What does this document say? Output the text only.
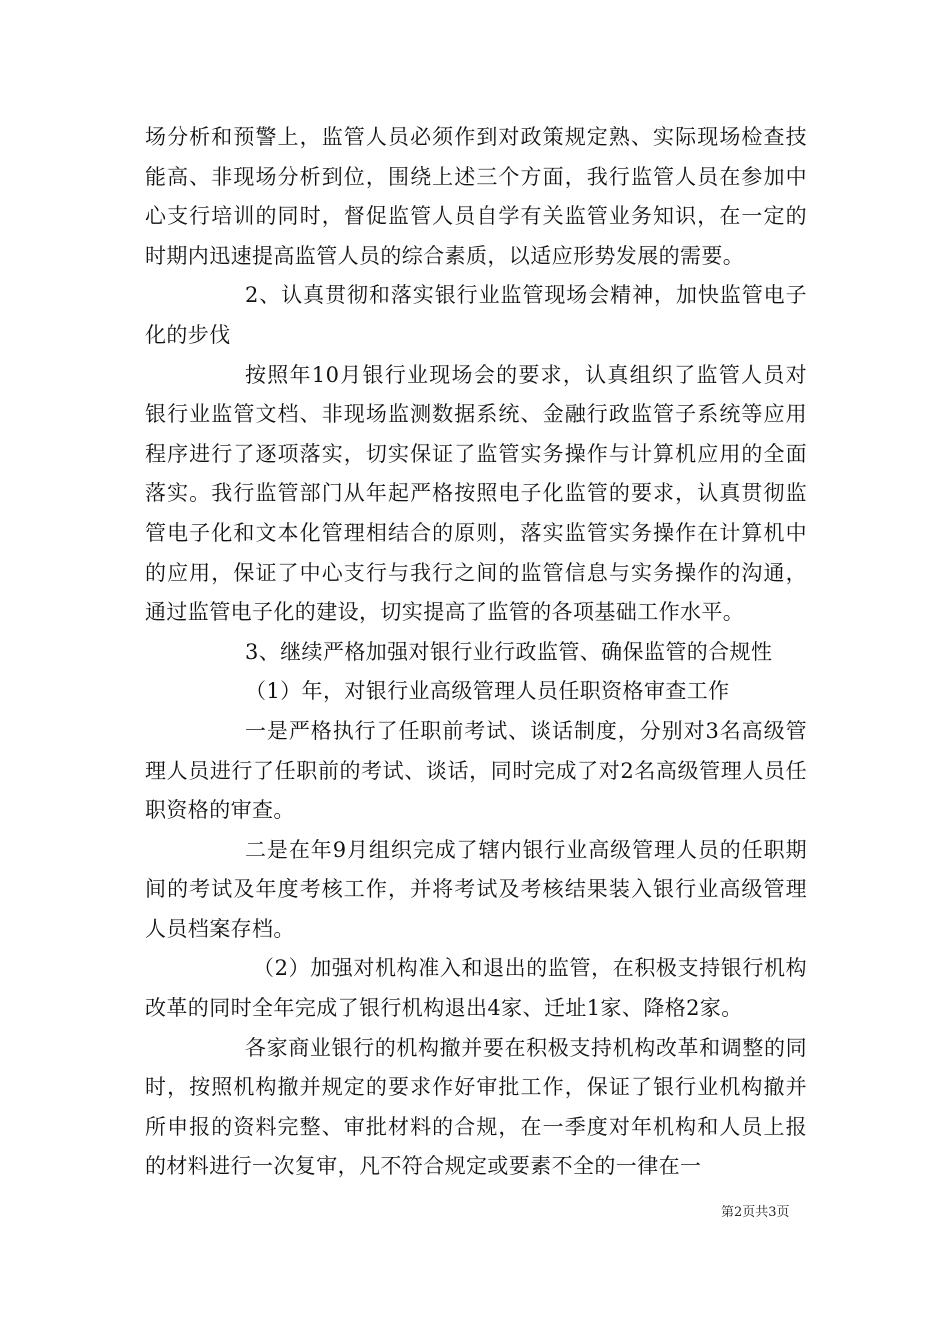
场分析和预警上，监管人员必须作到对政策规定熟、实际现场检查技能高、非现场分析到位，围绕上述三个方面，我行监管人员在参加中心支行培训的同时，督促监管人员自学有关监管业务知识，在一定的时期内迅速提高监管人员的综合素质，以适应形势发展的需要。

2、认真贯彻和落实银行业监管现场会精神，加快监管电子化的步伐

按照年10月银行业现场会的要求，认真组织了监管人员对银行业监管文档、非现场监测数据系统、金融行政监管子系统等应用程序进行了逐项落实，切实保证了监管实务操作与计算机应用的全面落实。我行监管部门从年起严格按照电子化监管的要求，认真贯彻监管电子化和文本化管理相结合的原则，落实监管实务操作在计算机中的应用，保证了中心支行与我行之间的监管信息与实务操作的沟通，通过监管电子化的建设，切实提高了监管的各项基础工作水平。

3、继续严格加强对银行业行政监管、确保监管的合规性

（1）年，对银行业高级管理人员任职资格审查工作

一是严格执行了任职前考试、谈话制度，分别对3名高级管理人员进行了任职前的考试、谈话，同时完成了对2名高级管理人员任职资格的审查。

二是在年9月组织完成了辖内银行业高级管理人员的任职期间的考试及年度考核工作，并将考试及考核结果装入银行业高级管理人员档案存档。

（2）加强对机构准入和退出的监管，在积极支持银行机构改革的同时全年完成了银行机构退出4家、迁址1家、降格2家。

各家商业银行的机构撤并要在积极支持机构改革和调整的同时，按照机构撤并规定的要求作好审批工作，保证了银行业机构撤并所申报的资料完整、审批材料的合规，在一季度对年机构和人员上报的材料进行一次复审，凡不符合规定或要素不全的一律在一

第2页共3页
